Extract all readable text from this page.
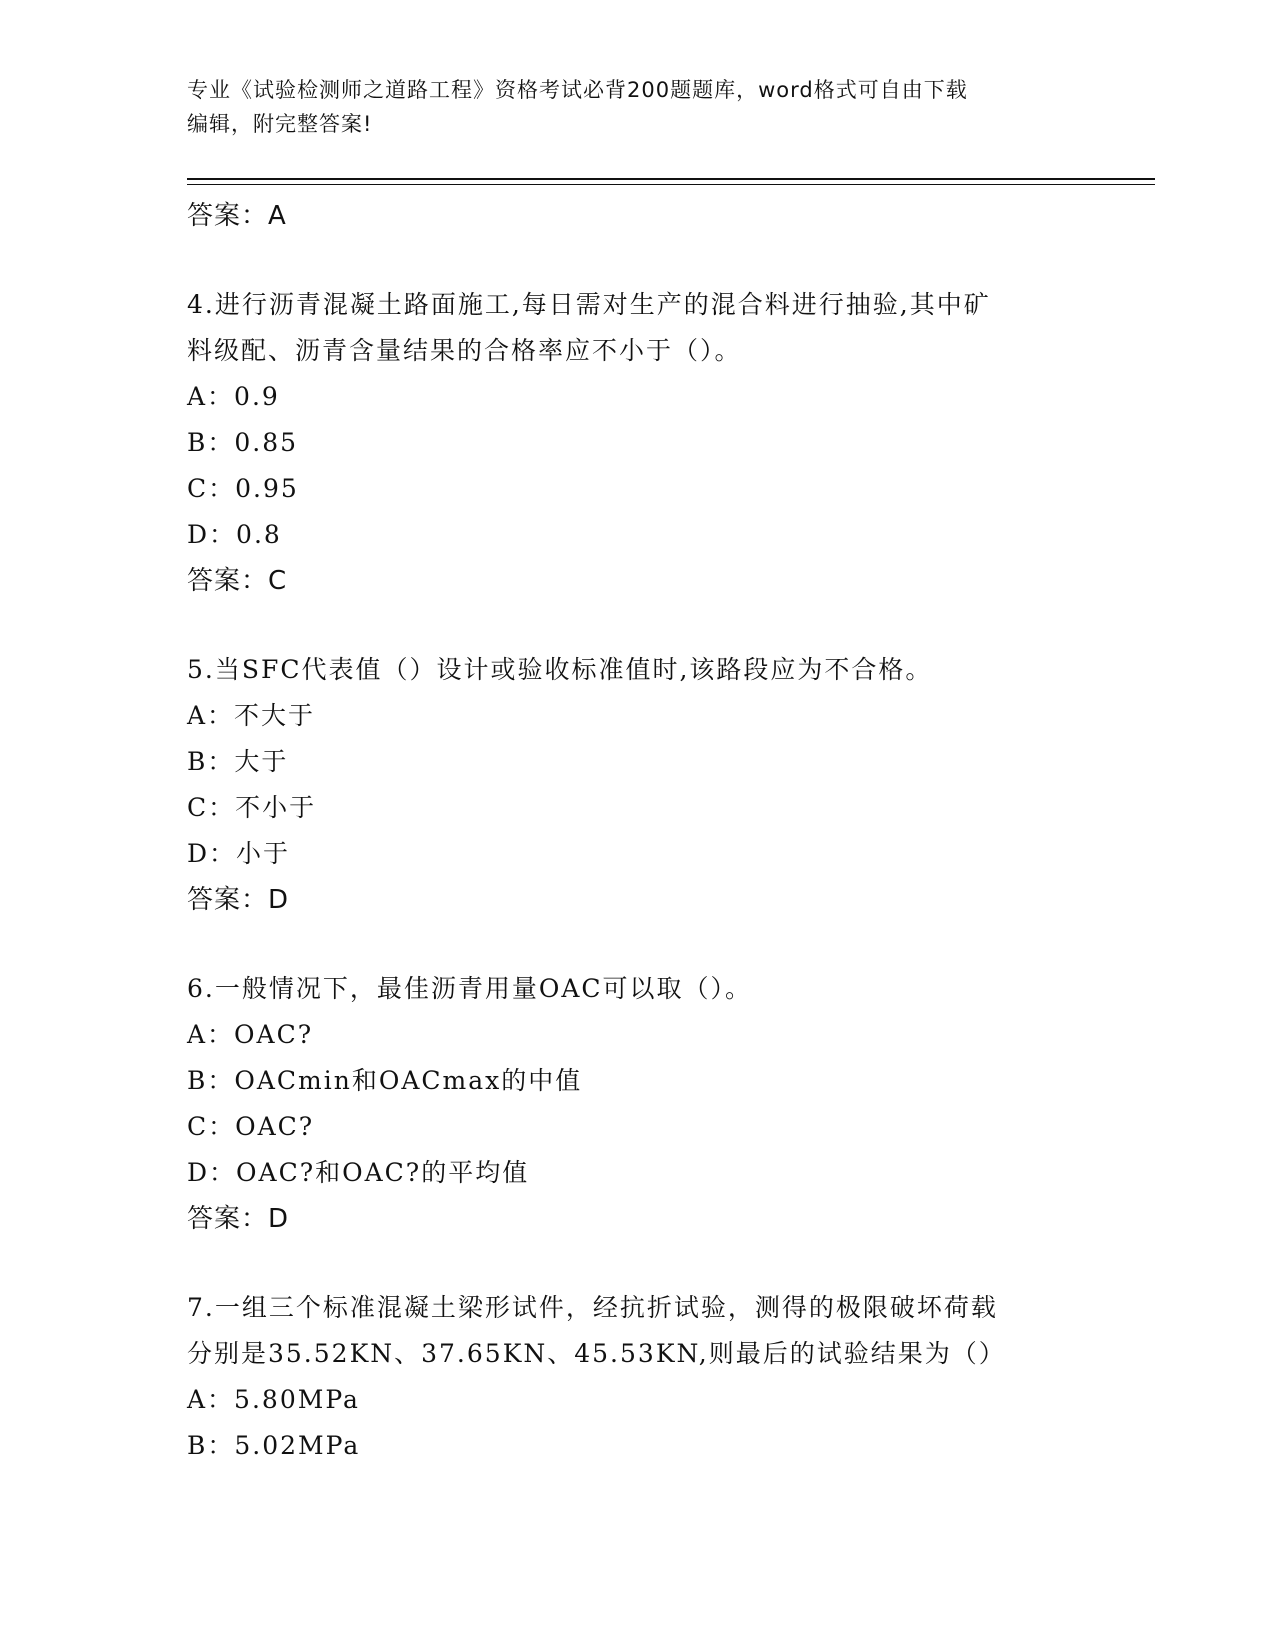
专业《试验检测师之道路工程》资格考试必背200题题库，word格式可自由下载
编辑，附完整答案!
答案：A
4.进行沥青混凝土路面施工,每日需对生产的混合料进行抽验,其中矿
料级配、沥青含量结果的合格率应不小于（）。
A：0.9
B：0.85
C：0.95
D：0.8
答案：C
5.当SFC代表值（）设计或验收标准值时,该路段应为不合格。
A：不大于
B：大于
C：不小于
D：小于
答案：D
6.一般情况下，最佳沥青用量OAC可以取（）。
A：OAC?
B：OACmin和OACmax的中值
C：OAC?
D：OAC?和OAC?的平均值
答案：D
7.一组三个标准混凝土梁形试件，经抗折试验，测得的极限破坏荷载
分别是35.52KN、37.65KN、45.53KN,则最后的试验结果为（）
A：5.80MPa
B：5.02MPa
